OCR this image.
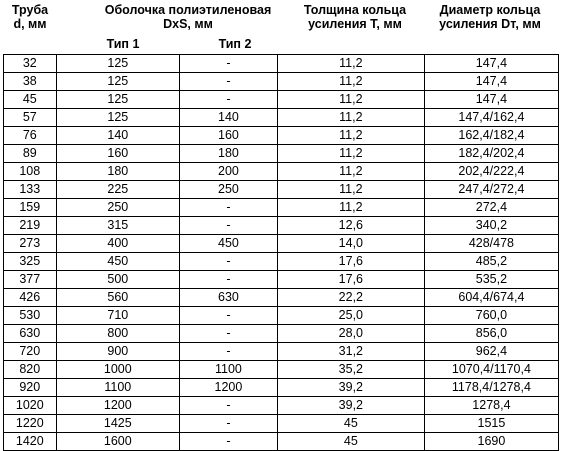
Труба
d, мм
Оболочка полиэтиленовая
DxS, мм
Толщина кольца
усиления T, мм
Диаметр кольца
усиления Dт, мм
Тип 1	Тип 2
32	125	-	11,2	147,4
38	125	-	11,2	147,4
45	125	-	11,2	147,4
57	125	140	11,2	147,4/162,4
76	140	160	11,2	162,4/182,4
89	160	180	11,2	182,4/202,4
108	180	200	11,2	202,4/222,4
133	225	250	11,2	247,4/272,4
159	250	-	11,2	272,4
219	315	-	12,6	340,2
273	400	450	14,0	428/478
325	450	-	17,6	485,2
377	500	-	17,6	535,2
426	560	630	22,2	604,4/674,4
530	710	-	25,0	760,0
630	800	-	28,0	856,0
720	900	-	31,2	962,4
820	1000	1100	35,2	1070,4/1170,4
920	1100	1200	39,2	1178,4/1278,4
1020	1200	-	39,2	1278,4
1220	1425	-	45	1515
1420	1600	-	45	1690
